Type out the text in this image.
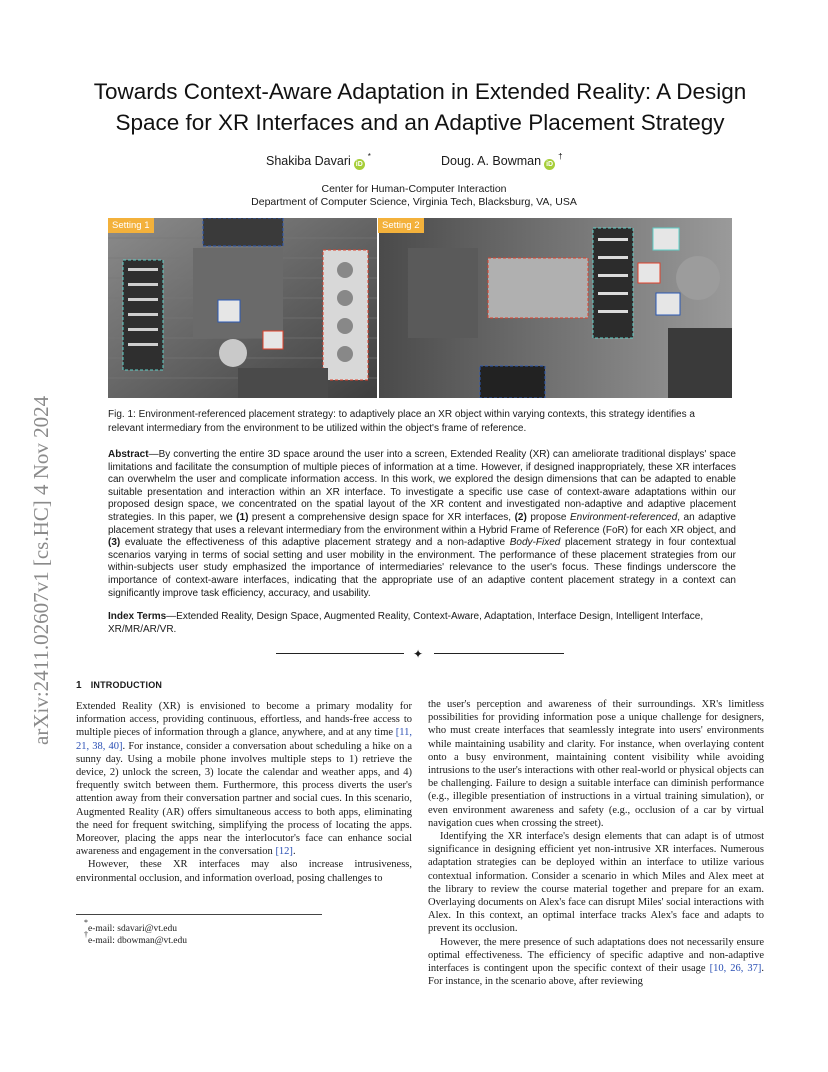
arXiv:2411.02607v1 [cs.HC] 4 Nov 2024
Towards Context-Aware Adaptation in Extended Reality: A Design
Space for XR Interfaces and an Adaptive Placement Strategy
Shakiba Davari iD*	Doug. A. Bowman iD†
Center for Human-Computer Interaction
Department of Computer Science, Virginia Tech, Blacksburg, VA, USA
Setting 1	Setting 2
Fig. 1: Environment-referenced placement strategy: to adaptively place an XR object within varying contexts, this strategy identifies a relevant intermediary from the environment to be utilized within the object's frame of reference.
Abstract—By converting the entire 3D space around the user into a screen, Extended Reality (XR) can ameliorate traditional displays' space limitations and facilitate the consumption of multiple pieces of information at a time. However, if designed inappropriately, these XR interfaces can overwhelm the user and complicate information access. In this work, we explored the design dimensions that can be adapted to enable suitable presentation and interaction within an XR interface. To investigate a specific use case of context-aware adaptations within our proposed design space, we concentrated on the spatial layout of the XR content and investigated non-adaptive and adaptive placement strategies. In this paper, we (1) present a comprehensive design space for XR interfaces, (2) propose Environment-referenced, an adaptive placement strategy that uses a relevant intermediary from the environment within a Hybrid Frame of Reference (FoR) for each XR object, and (3) evaluate the effectiveness of this adaptive placement strategy and a non-adaptive Body-Fixed placement strategy in four contextual scenarios varying in terms of social setting and user mobility in the environment. The performance of these placement strategies from our within-subjects user study emphasized the importance of intermediaries' relevance to the user's focus. These findings underscore the importance of context-aware interfaces, indicating that the appropriate use of an adaptive content placement strategy in a context can significantly improve task efficiency, accuracy, and usability.
Index Terms—Extended Reality, Design Space, Augmented Reality, Context-Aware, Adaptation, Interface Design, Intelligent Interface, XR/MR/AR/VR.
✦
1 INTRODUCTION

Extended Reality (XR) is envisioned to become a primary modality for information access, providing continuous, effortless, and hands-free access to multiple pieces of information through a glance, anywhere, and at any time [11, 21, 38, 40]. For instance, consider a conversation about scheduling a hike on a sunny day. Using a mobile phone involves multiple steps to 1) retrieve the device, 2) unlock the screen, 3) locate the calendar and weather apps, and 4) frequently switch between them. Furthermore, this process diverts the user's attention away from their conversation partner and social cues. In this scenario, Augmented Reality (AR) offers simultaneous access to both apps, eliminating the need for frequent switching, simplifying the process of locating the apps. Moreover, placing the apps near the interlocutor's face can enhance social awareness and engagement in the conversation [12].

However, these XR interfaces may also increase intrusiveness, environmental occlusion, and information overload, posing challenges to

*e-mail: sdavari@vt.edu
†e-mail: dbowman@vt.edu

the user's perception and awareness of their surroundings. XR's limitless possibilities for providing information pose a unique challenge for designers, who must create interfaces that seamlessly integrate into users' environments while maintaining usability and clarity. For instance, when overlaying content onto a busy environment, maintaining content visibility while avoiding intrusions to the user's interactions with other real-world or physical objects can be challenging. Failure to design a suitable interface can diminish performance (e.g., illegible presentiation of instructions in a virtual training simulation), or even environment awareness and safety (e.g., occlusion of a car by virtual navigation cues when crossing the street).

Identifying the XR interface's design elements that can adapt is of utmost significance in designing efficient yet non-intrusive XR interfaces. Numerous adaptation strategies can be deployed within an interface to utilize various contextual information. Consider a scenario in which Miles and Alex meet at the library to review the course material together and prepare for an exam. Overlaying documents on Alex's face can disrupt Miles' social interactions with Alex. In this context, an optimal interface tracks Alex's face and adapts to prevent its occlusion.

However, the mere presence of such adaptations does not necessarily ensure optimal effectiveness. The efficiency of specific adaptive and non-adaptive interfaces is contingent upon the specific context of their usage [10, 26, 37]. For instance, in the scenario above, after reviewing
